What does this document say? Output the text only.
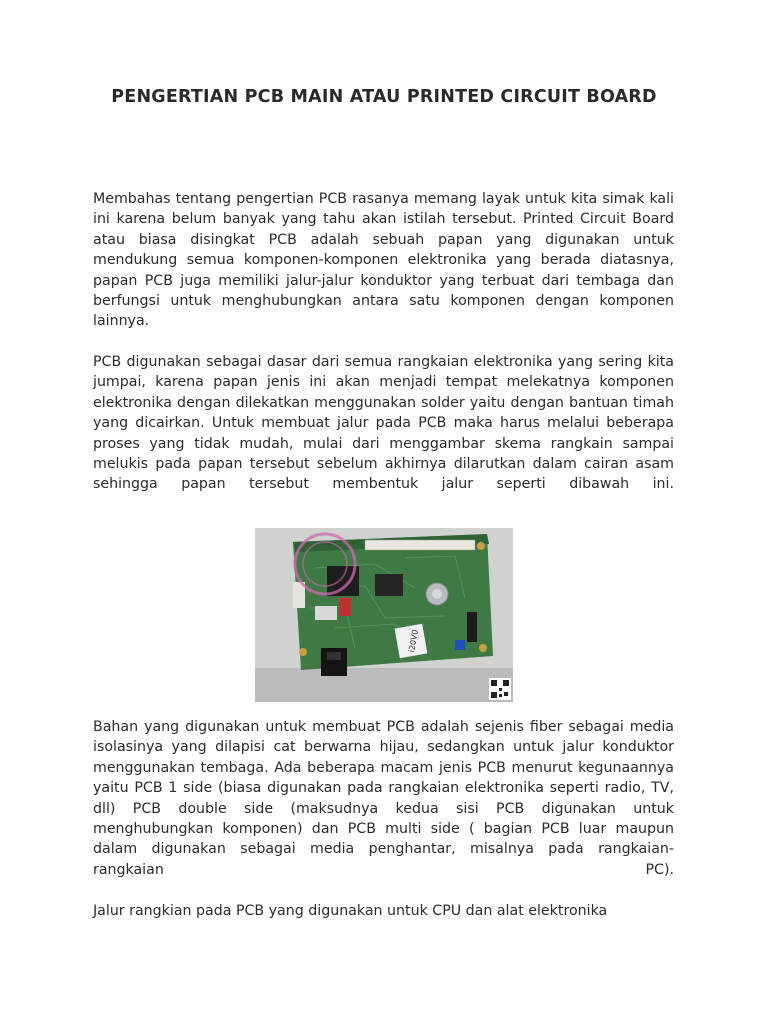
PENGERTIAN PCB MAIN ATAU PRINTED CIRCUIT BOARD

Membahas tentang pengertian PCB rasanya memang layak untuk kita simak kali ini karena belum banyak yang tahu akan istilah tersebut. Printed Circuit Board atau biasa disingkat PCB adalah sebuah papan yang digunakan untuk mendukung semua komponen-komponen elektronika yang berada diatasnya, papan PCB juga memiliki jalur-jalur konduktor yang terbuat dari tembaga dan berfungsi untuk menghubungkan antara satu komponen dengan komponen lainnya.

PCB digunakan sebagai dasar dari semua rangkaian elektronika yang sering kita jumpai, karena papan jenis ini akan menjadi tempat melekatnya komponen elektronika dengan dilekatkan menggunakan solder yaitu dengan bantuan timah yang dicairkan. Untuk membuat jalur pada PCB maka harus melalui beberapa proses yang tidak mudah, mulai dari menggambar skema rangkain sampai melukis pada papan tersebut sebelum akhirnya dilarutkan dalam cairan asam sehingga papan tersebut membentuk jalur seperti dibawah ini.

i20V0

Bahan yang digunakan untuk membuat PCB adalah sejenis fiber sebagai media isolasinya yang dilapisi cat berwarna hijau, sedangkan untuk jalur konduktor menggunakan tembaga. Ada beberapa macam jenis PCB menurut kegunaannya yaitu PCB 1 side (biasa digunakan pada rangkaian elektronika seperti radio, TV, dll) PCB double side (maksudnya kedua sisi PCB digunakan untuk menghubungkan komponen) dan PCB multi side ( bagian PCB luar maupun dalam digunakan sebagai media penghantar, misalnya pada rangkaian-rangkaian PC).

Jalur rangkian pada PCB yang digunakan untuk CPU dan alat elektronika
